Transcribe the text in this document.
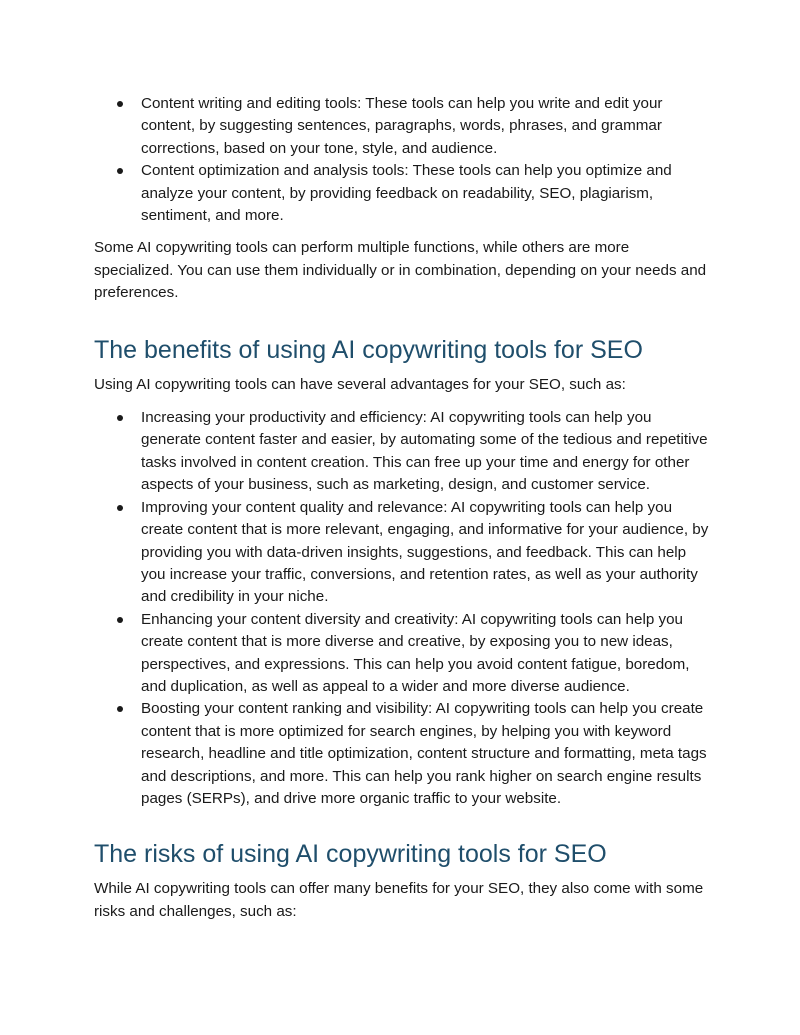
Content writing and editing tools: These tools can help you write and edit your content, by suggesting sentences, paragraphs, words, phrases, and grammar corrections, based on your tone, style, and audience.
Content optimization and analysis tools: These tools can help you optimize and analyze your content, by providing feedback on readability, SEO, plagiarism, sentiment, and more.

Some AI copywriting tools can perform multiple functions, while others are more specialized. You can use them individually or in combination, depending on your needs and preferences.

The benefits of using AI copywriting tools for SEO

Using AI copywriting tools can have several advantages for your SEO, such as:

Increasing your productivity and efficiency: AI copywriting tools can help you generate content faster and easier, by automating some of the tedious and repetitive tasks involved in content creation. This can free up your time and energy for other aspects of your business, such as marketing, design, and customer service.
Improving your content quality and relevance: AI copywriting tools can help you create content that is more relevant, engaging, and informative for your audience, by providing you with data-driven insights, suggestions, and feedback. This can help you increase your traffic, conversions, and retention rates, as well as your authority and credibility in your niche.
Enhancing your content diversity and creativity: AI copywriting tools can help you create content that is more diverse and creative, by exposing you to new ideas, perspectives, and expressions. This can help you avoid content fatigue, boredom, and duplication, as well as appeal to a wider and more diverse audience.
Boosting your content ranking and visibility: AI copywriting tools can help you create content that is more optimized for search engines, by helping you with keyword research, headline and title optimization, content structure and formatting, meta tags and descriptions, and more. This can help you rank higher on search engine results pages (SERPs), and drive more organic traffic to your website.
The risks of using AI copywriting tools for SEO

While AI copywriting tools can offer many benefits for your SEO, they also come with some risks and challenges, such as:
